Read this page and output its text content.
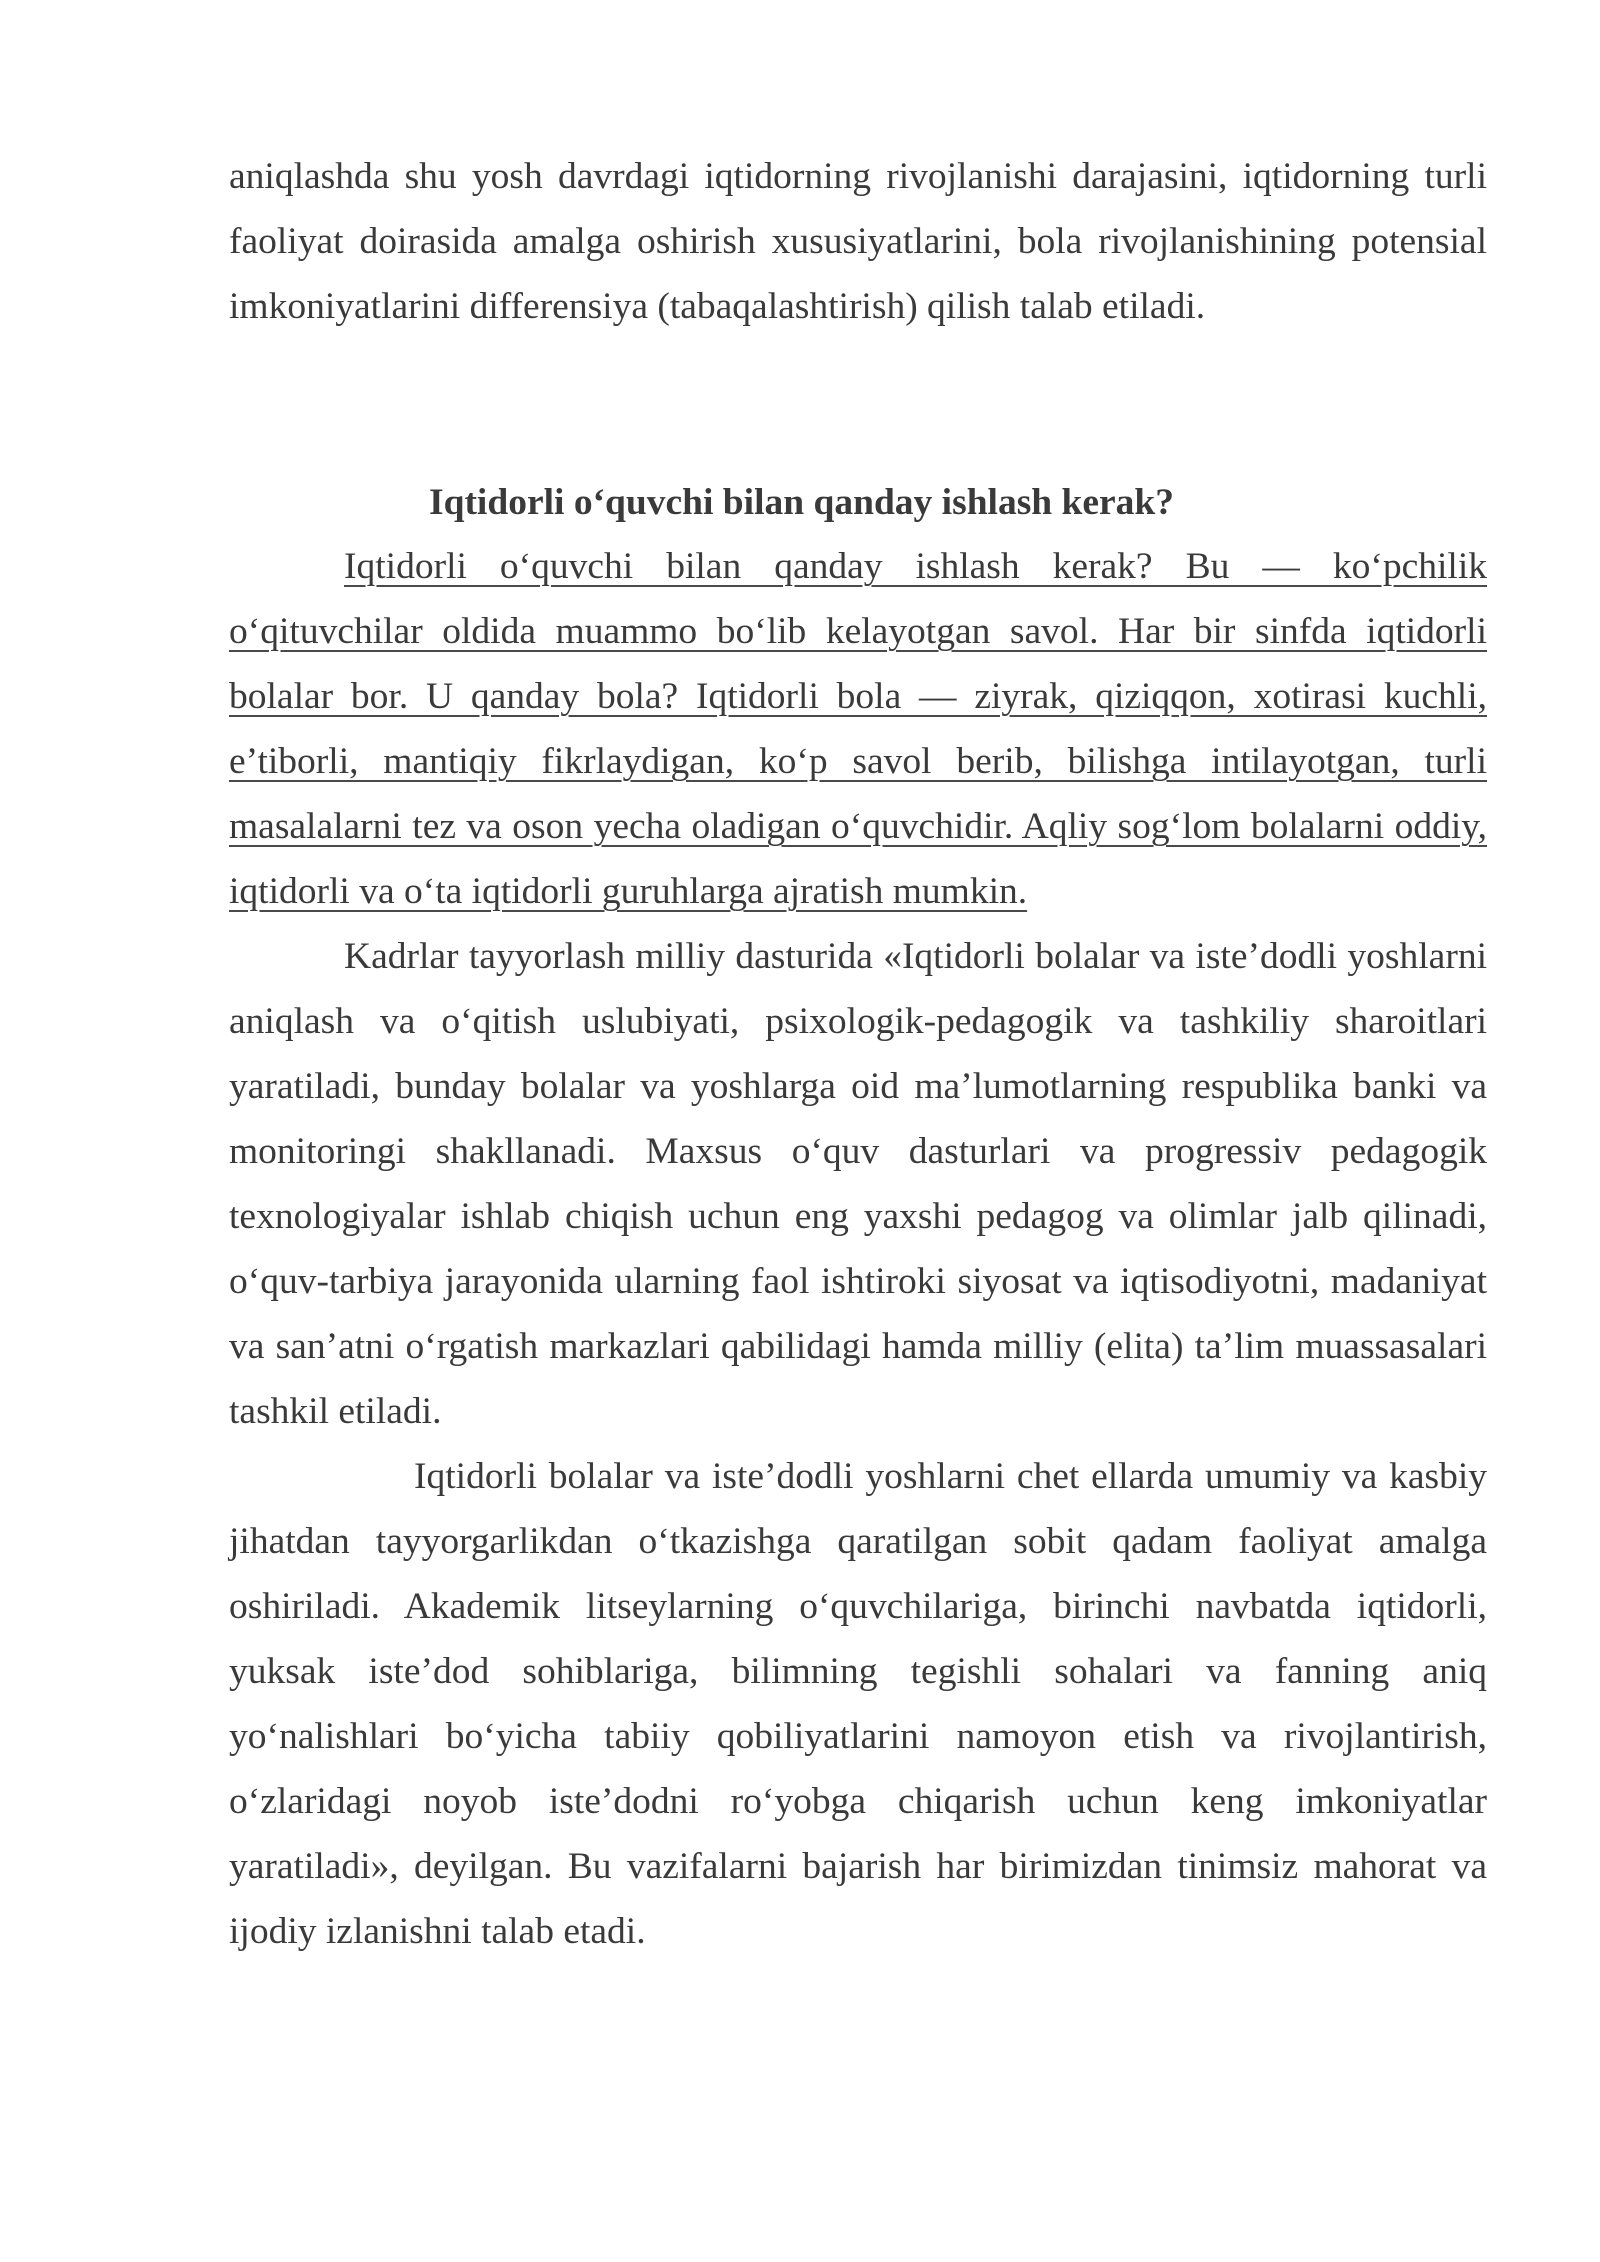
aniqlashda shu yosh davrdagi iqtidorning rivojlanishi darajasini, iqtidorning turli faoliyat doirasida amalga oshirish xususiyatlarini, bola rivojlanishining potensial imkoniyatlarini differensiya (tabaqalashtirish) qilish talab etiladi.

Iqtidorli o‘quvchi bilan qanday ishlash kerak?

Iqtidorli o‘quvchi bilan qanday ishlash kerak? Bu — ko‘pchilik o‘qituvchilar oldida muammo bo‘lib kelayotgan savol. Har bir sinfda iqtidorli bolalar bor. U qanday bola? Iqtidorli bola — ziyrak, qiziqqon, xotirasi kuchli, e’tiborli, mantiqiy fikrlaydigan, ko‘p savol berib, bilishga intilayotgan, turli masalalarni tez va oson yecha oladigan o‘quvchidir. Aqliy sog‘lom bolalarni oddiy, iqtidorli va o‘ta iqtidorli guruhlarga ajratish mumkin.

Kadrlar tayyorlash milliy dasturida «Iqtidorli bolalar va iste’dodli yoshlarni aniqlash va o‘qitish uslubiyati, psixologik-pedagogik va tashkiliy sharoitlari yaratiladi, bunday bolalar va yoshlarga oid ma’lumotlarning respublika banki va monitoringi shakllanadi. Maxsus o‘quv dasturlari va progressiv pedagogik texnologiyalar ishlab chiqish uchun eng yaxshi pedagog va olimlar jalb qilinadi, o‘quv-tarbiya jarayonida ularning faol ishtiroki siyosat va iqtisodiyotni, madaniyat va san’atni o‘rgatish markazlari qabilidagi hamda milliy (elita) ta’lim muassasalari tashkil etiladi.

Iqtidorli bolalar va iste’dodli yoshlarni chet ellarda umumiy va kasbiy jihatdan tayyorgarlikdan o‘tkazishga qaratilgan sobit qadam faoliyat amalga oshiriladi. Akademik litseylarning o‘quvchilariga, birinchi navbatda iqtidorli, yuksak iste’dod sohiblariga, bilimning tegishli sohalari va fanning aniq yo‘nalishlari bo‘yicha tabiiy qobiliyatlarini namoyon etish va rivojlantirish, o‘zlaridagi noyob iste’dodni ro‘yobga chiqarish uchun keng imkoniyatlar yaratiladi», deyilgan. Bu vazifalarni bajarish har birimizdan tinimsiz mahorat va ijodiy izlanishni talab etadi.
